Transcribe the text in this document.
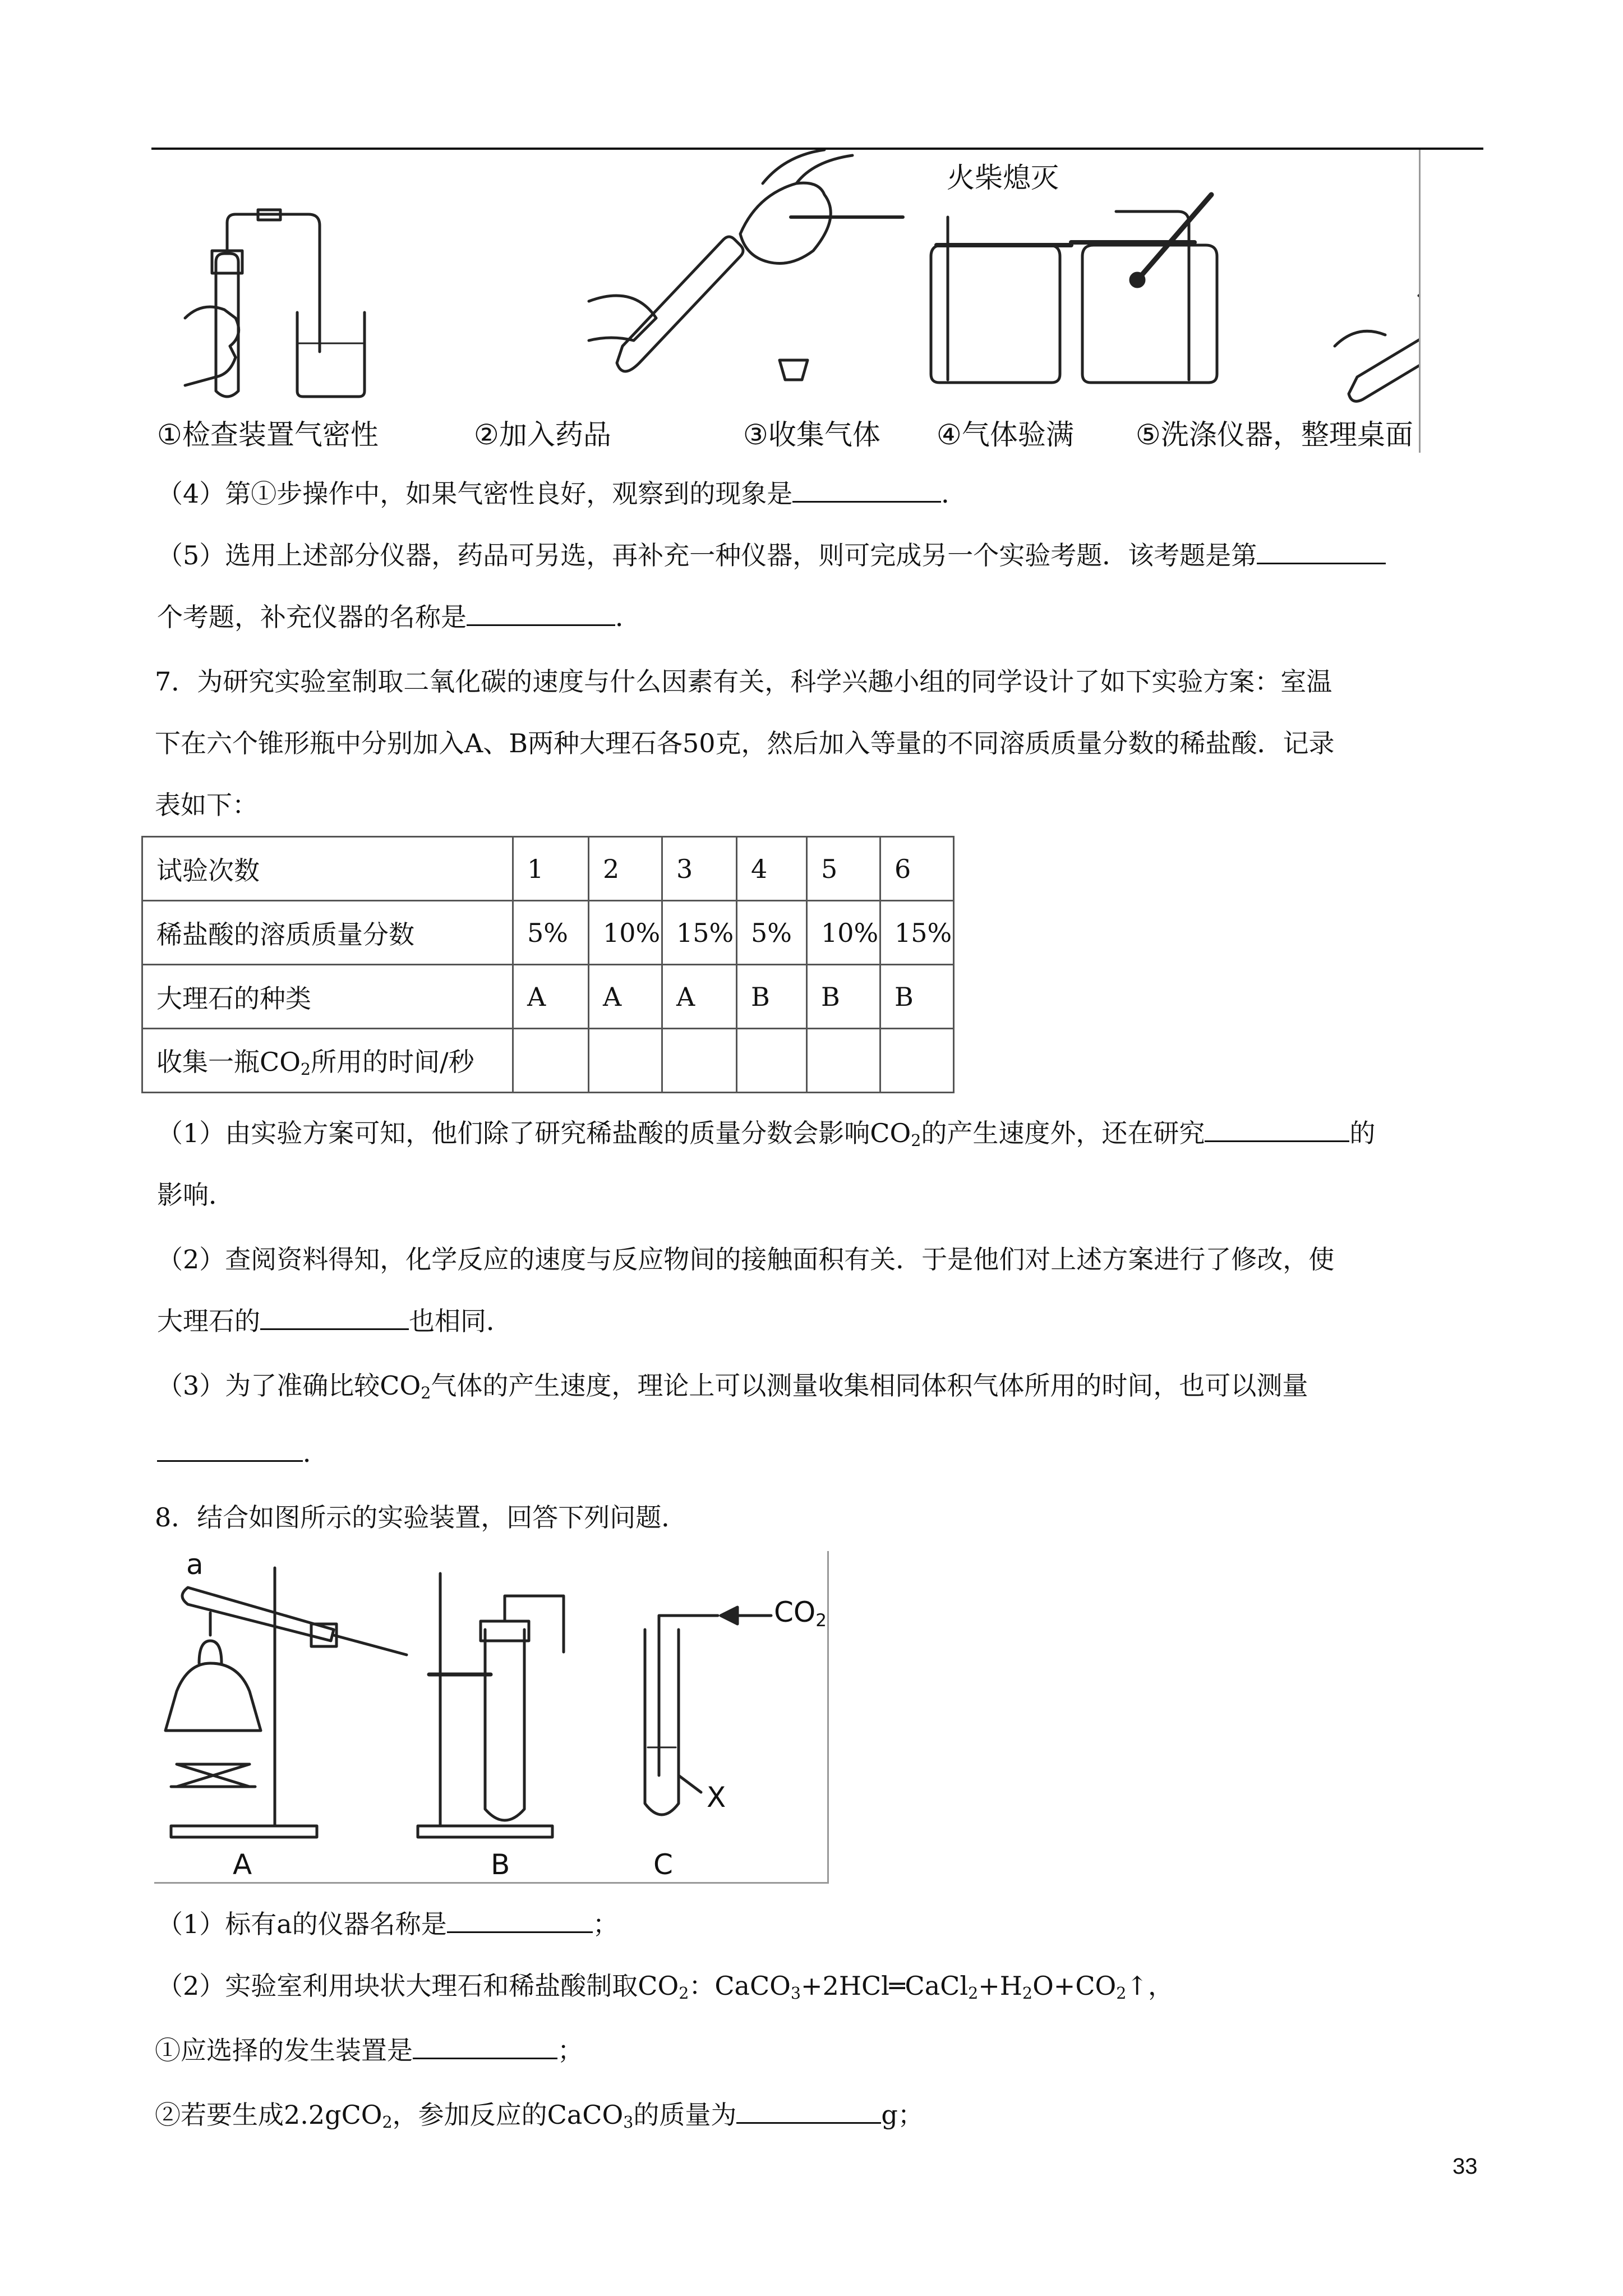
火柴熄灭
①检查装置气密性	②加入药品	③收集气体 ④气体验满 ⑤洗涤仪器，整理桌面
（4）第①步操作中，如果气密性良好，观察到的现象是	．
（5）选用上述部分仪器，药品可另选，再补充一种仪器，则可完成另一个实验考题．该考题是第
个考题，补充仪器的名称是	．
7．为研究实验室制取二氧化碳的速度与什么因素有关，科学兴趣小组的同学设计了如下实验方案：室温
下在六个锥形瓶中分别加入A、B两种大理石各50克，然后加入等量的不同溶质质量分数的稀盐酸．记录
表如下：
试验次数	1	2	3	4	5	6
稀盐酸的溶质质量分数	5%	10%	15%	5%	10%	15%
大理石的种类	A	A	A	B	B	B
收集一瓶$CO_2$所用的时间/秒						
（1）由实验方案可知，他们除了研究稀盐酸的质量分数会影响$CO_2$的产生速度外，还在研究	的
影响．
（2）查阅资料得知，化学反应的速度与反应物间的接触面积有关．于是他们对上述方案进行了修改，使
大理石的	也相同．
（3）为了准确比较$CO_2$气体的产生速度，理论上可以测量收集相同体积气体所用的时间，也可以测量
．
8．结合如图所示的实验装置，回答下列问题．
a
$CO_2$
X
A	B	C
（1）标有a的仪器名称是	；
（2）实验室利用块状大理石和稀盐酸制取$CO_2$：$CaCO_3+2HCl═CaCl_2+H_2O+CO_2↑$，
①应选择的发生装置是	；
②若要生成2.2gCO$_2$，参加反应的CaCO$_3$的质量为	g；
33
